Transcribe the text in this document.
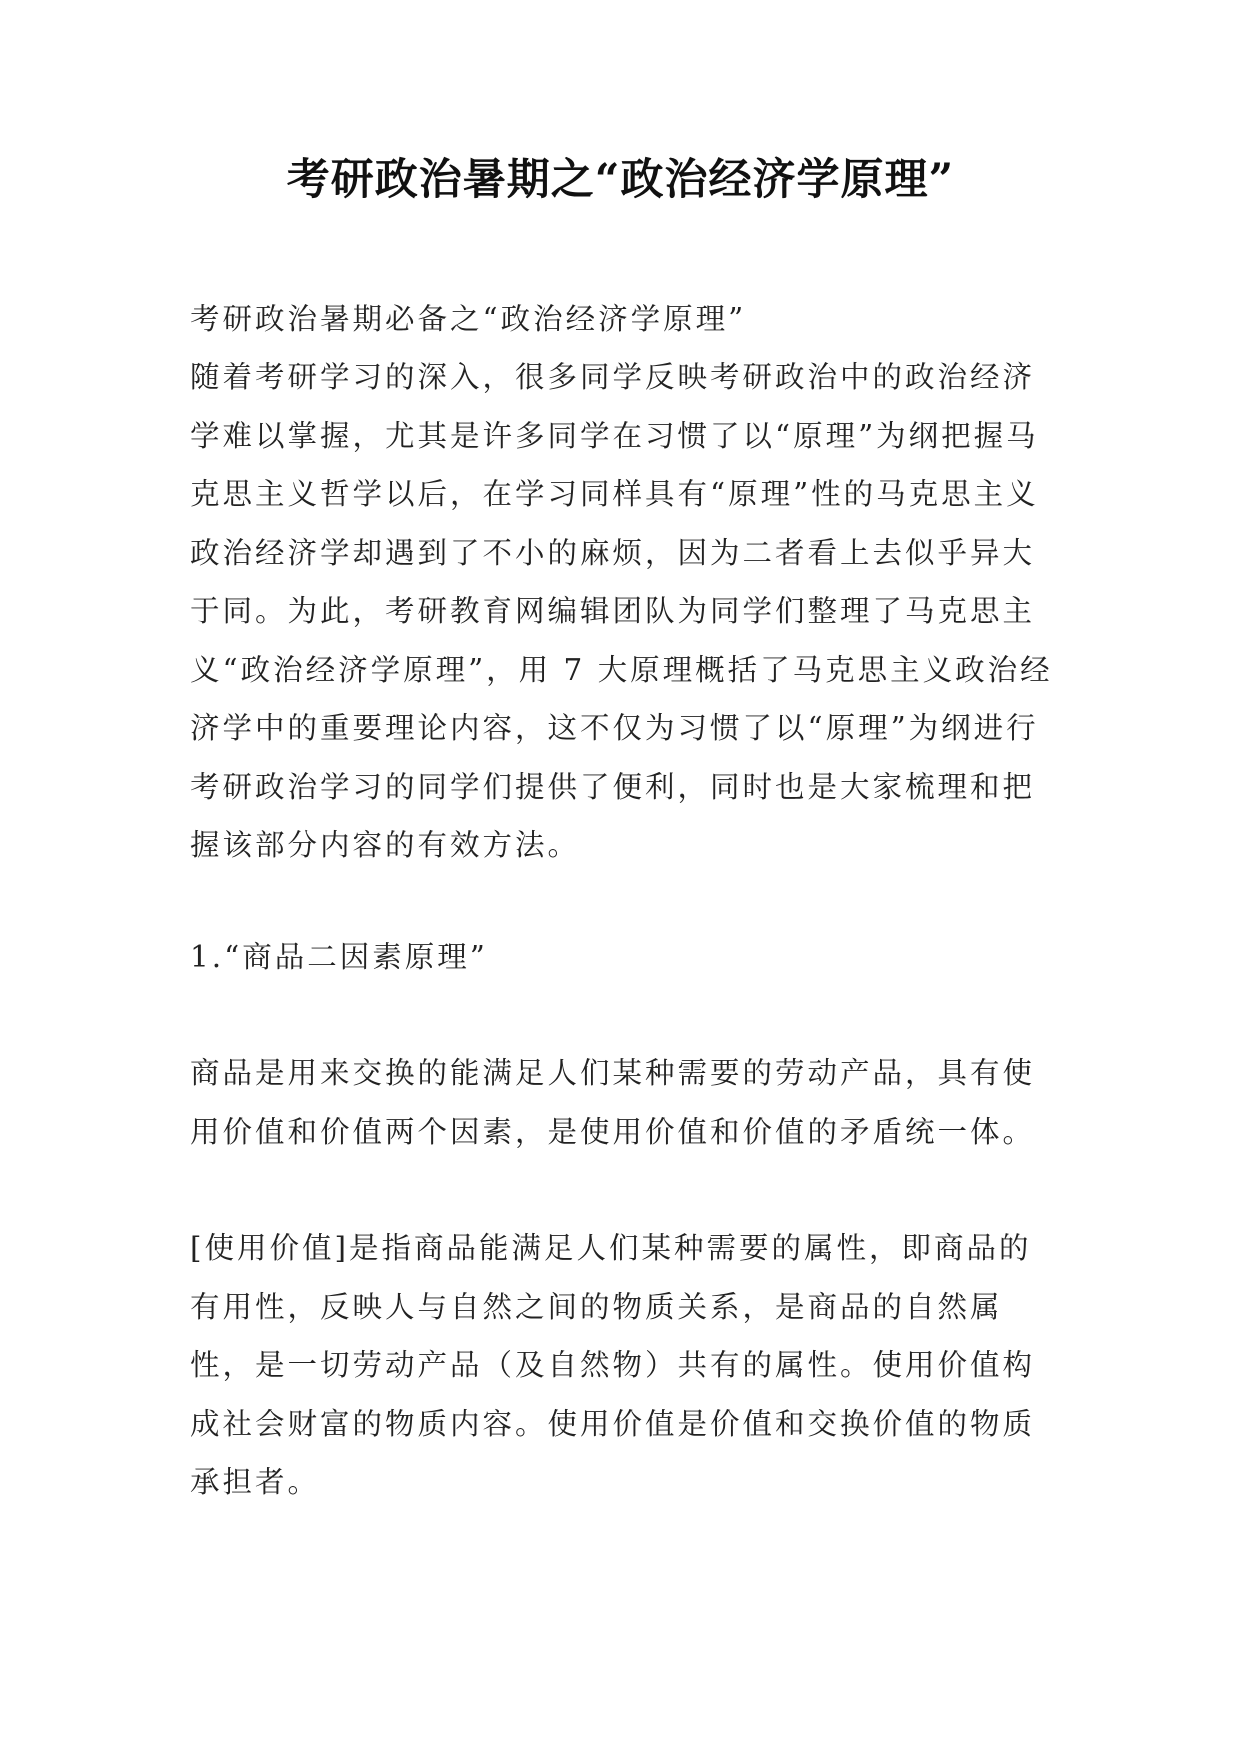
考研政治暑期之“政治经济学原理”

考研政治暑期必备之“政治经济学原理”

随着考研学习的深入，很多同学反映考研政治中的政治经济学难以掌握，尤其是许多同学在习惯了以“原理”为纲把握马克思主义哲学以后，在学习同样具有“原理”性的马克思主义政治经济学却遇到了不小的麻烦，因为二者看上去似乎异大于同。为此，考研教育网编辑团队为同学们整理了马克思主义“政治经济学原理”，用 7 大原理概括了马克思主义政治经济学中的重要理论内容，这不仅为习惯了以“原理”为纲进行考研政治学习的同学们提供了便利，同时也是大家梳理和把握该部分内容的有效方法。

1.“商品二因素原理”

商品是用来交换的能满足人们某种需要的劳动产品，具有使用价值和价值两个因素，是使用价值和价值的矛盾统一体。

[使用价值]是指商品能满足人们某种需要的属性，即商品的有用性，反映人与自然之间的物质关系，是商品的自然属性，是一切劳动产品（及自然物）共有的属性。使用价值构成社会财富的物质内容。使用价值是价值和交换价值的物质承担者。
